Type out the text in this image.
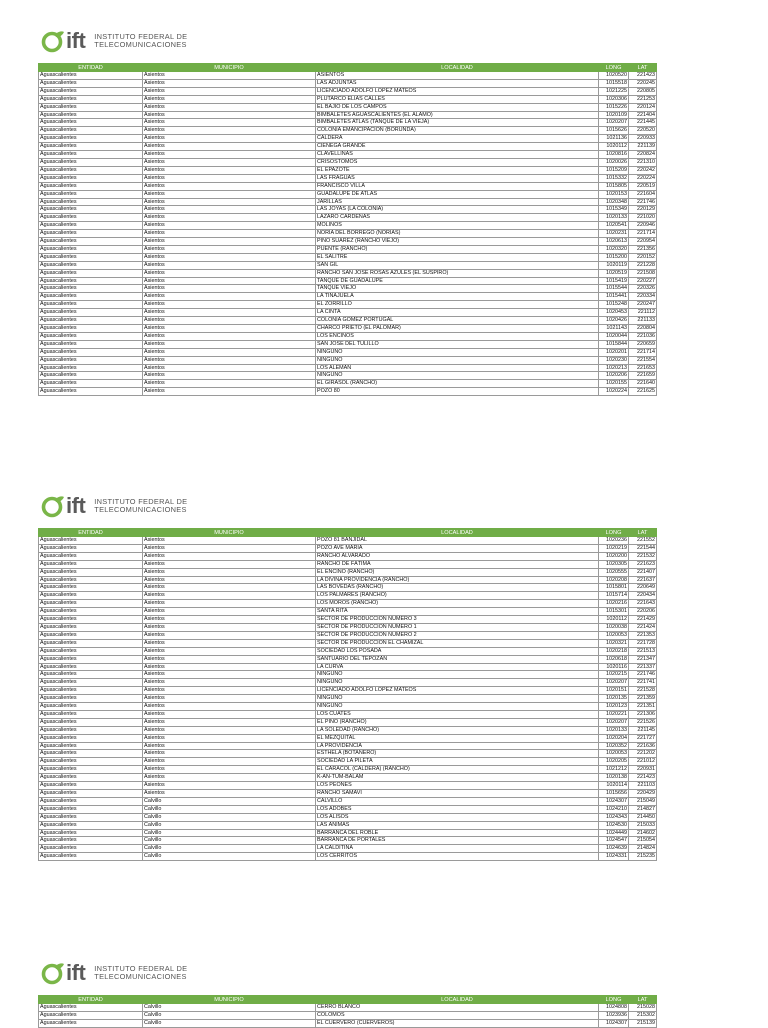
ift INSTITUTO FEDERAL DE
TELECOMUNICACIONES
ENTIDAD	MUNICIPIO	LOCALIDAD	LONG	LAT
Aguascalientes	Asientos	ASIENTOS	1020520	221423
Aguascalientes	Asientos	LAS ADJUNTAS	1015518	220245
Aguascalientes	Asientos	LICENCIADO ADOLFO LÓPEZ MATEOS	1021225	220805
Aguascalientes	Asientos	PLUTARCO ELÍAS CALLES	1020306	221253
Aguascalientes	Asientos	EL BAJÍO DE LOS CAMPOS	1015226	220124
Aguascalientes	Asientos	BIMBALETES AGUASCALIENTES (EL ÁLAMO)	1020109	221404
Aguascalientes	Asientos	BIMBALETES ATLAS (TANQUE DE LA VIEJA)	1020207	221445
Aguascalientes	Asientos	COLONIA EMANCIPACIÓN (BORUNDA)	1015626	220520
Aguascalientes	Asientos	CALDERA	1021136	220933
Aguascalientes	Asientos	CIENEGA GRANDE	1020112	221139
Aguascalientes	Asientos	CLAVELLINAS	1020816	220824
Aguascalientes	Asientos	CRISÓSTOMOS	1020026	221310
Aguascalientes	Asientos	EL EPAZOTE	1015209	220242
Aguascalientes	Asientos	LAS FRAGUAS	1015332	220224
Aguascalientes	Asientos	FRANCISCO VILLA	1015805	220519
Aguascalientes	Asientos	GUADALUPE DE ATLAS	1020153	221604
Aguascalientes	Asientos	JARILLAS	1020348	221746
Aguascalientes	Asientos	LAS JOYAS (LA COLONIA)	1015349	220129
Aguascalientes	Asientos	LÁZARO CÁRDENAS	1020133	221020
Aguascalientes	Asientos	MOLINOS	1020541	220946
Aguascalientes	Asientos	NORIA DEL BORREGO (NORIAS)	1020231	221714
Aguascalientes	Asientos	PINO SUÁREZ (RANCHO VIEJO)	1020613	220954
Aguascalientes	Asientos	PUENTE (RANCHO)	1020320	221356
Aguascalientes	Asientos	EL SALITRE	1015200	220152
Aguascalientes	Asientos	SAN GIL	1020119	221228
Aguascalientes	Asientos	RANCHO SAN JOSÉ ROSAS AZULES (EL SUSPIRO)	1020519	221508
Aguascalientes	Asientos	TANQUE DE GUADALUPE	1015419	220227
Aguascalientes	Asientos	TANQUE VIEJO	1015544	220326
Aguascalientes	Asientos	LA TINAJUELA	1015441	220334
Aguascalientes	Asientos	EL ZORRILLO	1015248	220247
Aguascalientes	Asientos	LA CINTA	1020453	221112
Aguascalientes	Asientos	COLONIA GÓMEZ PORTUGAL	1020426	221133
Aguascalientes	Asientos	CHARCO PRIETO (EL PALOMAR)	1021143	220804
Aguascalientes	Asientos	LOS ENCINOS	1020044	221036
Aguascalientes	Asientos	SAN JOSÉ DEL TULILLO	1015844	220659
Aguascalientes	Asientos	NINGUNO	1020201	221714
Aguascalientes	Asientos	NINGUNO	1020230	221554
Aguascalientes	Asientos	LOS ALEMÁN	1020213	221653
Aguascalientes	Asientos	NINGUNO	1020206	221659
Aguascalientes	Asientos	EL GIRASOL (RANCHO)	1020155	221640
Aguascalientes	Asientos	POZO 80	1020224	221625
ift INSTITUTO FEDERAL DE
TELECOMUNICACIONES
ENTIDAD	MUNICIPIO	LOCALIDAD	LONG	LAT
Aguascalientes	Asientos	POZO 81 BANJIDAL	1020236	221552
Aguascalientes	Asientos	POZO AVE MARÍA	1020219	221544
Aguascalientes	Asientos	RANCHO ALVARADO	1020200	221532
Aguascalientes	Asientos	RANCHO DE FÁTIMA	1020305	221623
Aguascalientes	Asientos	EL ENCINO (RANCHO)	1020555	221407
Aguascalientes	Asientos	LA DIVINA PROVIDENCIA (RANCHO)	1020208	221637
Aguascalientes	Asientos	LAS BÓVEDAS (RANCHO)	1015801	220649
Aguascalientes	Asientos	LOS PALMARES (RANCHO)	1015714	220434
Aguascalientes	Asientos	LOS MOROS (RANCHO)	1020216	221643
Aguascalientes	Asientos	SANTA RITA	1015301	220206
Aguascalientes	Asientos	SECTOR DE PRODUCCIÓN NÚMERO 3	1020112	221429
Aguascalientes	Asientos	SECTOR DE PRODUCCIÓN NÚMERO 1	1020038	221424
Aguascalientes	Asientos	SECTOR DE PRODUCCIÓN NÚMERO 2	1020053	221353
Aguascalientes	Asientos	SECTOR DE PRODUCCIÓN EL CHAMIZAL	1020321	221728
Aguascalientes	Asientos	SOCIEDAD LOS POSADA	1020218	221513
Aguascalientes	Asientos	SANTUARIO DEL TEPOZÁN	1020618	221347
Aguascalientes	Asientos	LA CURVA	1020116	221337
Aguascalientes	Asientos	NINGUNO	1020215	221746
Aguascalientes	Asientos	NINGUNO	1020207	221741
Aguascalientes	Asientos	LICENCIADO ADOLFO LÓPEZ MATEOS	1020151	221528
Aguascalientes	Asientos	NINGUNO	1020135	221359
Aguascalientes	Asientos	NINGUNO	1020123	221351
Aguascalientes	Asientos	LOS CUATES	1020221	221306
Aguascalientes	Asientos	EL PINO (RANCHO)	1020207	221526
Aguascalientes	Asientos	LA SOLEDAD (RANCHO)	1020133	221145
Aguascalientes	Asientos	EL MEZQUITAL	1020204	221727
Aguascalientes	Asientos	LA PROVIDENCIA	1020352	221636
Aguascalientes	Asientos	ESTHELA (BOTANERO)	1020053	221202
Aguascalientes	Asientos	SOCIEDAD LA PILETA	1020205	221012
Aguascalientes	Asientos	EL CARACOL (CALDERA) (RANCHO)	1021212	220931
Aguascalientes	Asientos	K-AN-TUM-BALAM	1020138	221423
Aguascalientes	Asientos	LOS PEONES	1020114	221103
Aguascalientes	Asientos	RANCHO SAMAVI	1015656	220429
Aguascalientes	Calvillo	CALVILLO	1024307	215049
Aguascalientes	Calvillo	LOS ADOBES	1024210	214827
Aguascalientes	Calvillo	LOS ALISOS	1024343	214450
Aguascalientes	Calvillo	LAS ÁNIMAS	1024530	215033
Aguascalientes	Calvillo	BARRANCA DEL ROBLE	1024449	214602
Aguascalientes	Calvillo	BARRANCA DE PORTALES	1024547	215054
Aguascalientes	Calvillo	LA CALDITINA	1024639	214824
Aguascalientes	Calvillo	LOS CERRITOS	1024331	215235
ift INSTITUTO FEDERAL DE
TELECOMUNICACIONES
ENTIDAD	MUNICIPIO	LOCALIDAD	LONG	LAT
Aguascalientes	Calvillo	CERRO BLANCO	1024808	215028
Aguascalientes	Calvillo	COLOMOS	1023936	215302
Aguascalientes	Calvillo	EL CUERVERO (CUERVEROS)	1024307	215139
